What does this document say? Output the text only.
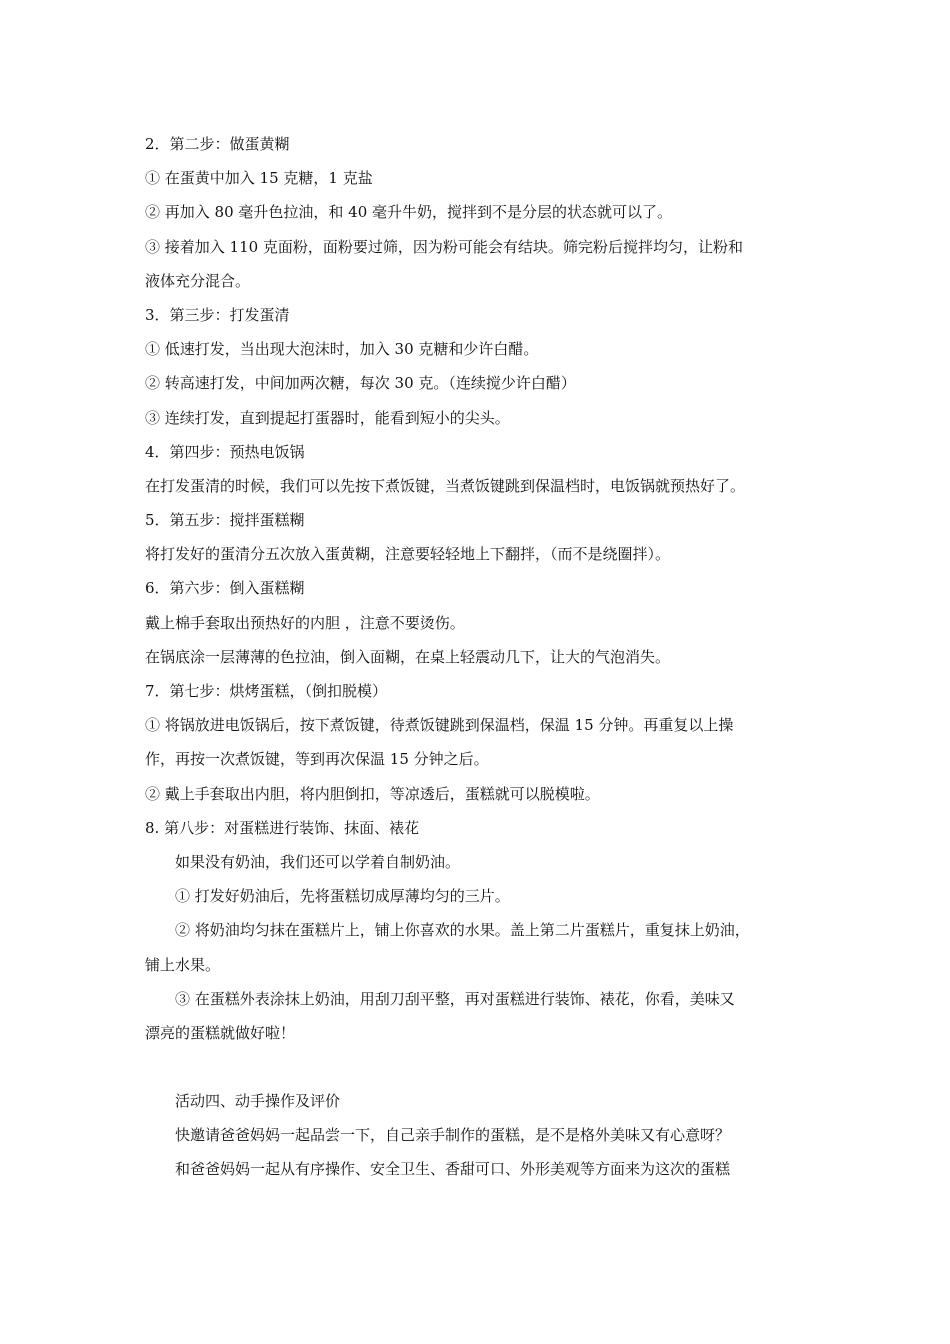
2．第二步：做蛋黄糊
① 在蛋黄中加入 15 克糖，1 克盐
② 再加入 80 毫升色拉油，和 40 毫升牛奶，搅拌到不是分层的状态就可以了。
③ 接着加入 110 克面粉，面粉要过筛，因为粉可能会有结块。筛完粉后搅拌均匀，让粉和
液体充分混合。
3．第三步：打发蛋清
① 低速打发，当出现大泡沫时，加入 30 克糖和少许白醋。
② 转高速打发，中间加两次糖，每次 30 克。（连续搅少许白醋）
③ 连续打发，直到提起打蛋器时，能看到短小的尖头。
4．第四步：预热电饭锅
在打发蛋清的时候，我们可以先按下煮饭键，当煮饭键跳到保温档时，电饭锅就预热好了。
5．第五步：搅拌蛋糕糊
将打发好的蛋清分五次放入蛋黄糊，注意要轻轻地上下翻拌，（而不是绕圈拌）。
6．第六步：倒入蛋糕糊
戴上棉手套取出预热好的内胆 ，注意不要烫伤。
在锅底涂一层薄薄的色拉油，倒入面糊，在桌上轻震动几下，让大的气泡消失。
7．第七步：烘烤蛋糕，（倒扣脱模）
① 将锅放进电饭锅后，按下煮饭键，待煮饭键跳到保温档，保温 15 分钟。再重复以上操
作，再按一次煮饭键，等到再次保温 15 分钟之后。
② 戴上手套取出内胆，将内胆倒扣，等凉透后，蛋糕就可以脱模啦。
8. 第八步：对蛋糕进行装饰、抹面、裱花
如果没有奶油，我们还可以学着自制奶油。
① 打发好奶油后，先将蛋糕切成厚薄均匀的三片。
② 将奶油均匀抹在蛋糕片上，铺上你喜欢的水果。盖上第二片蛋糕片，重复抹上奶油，
铺上水果。
③ 在蛋糕外表涂抹上奶油，用刮刀刮平整，再对蛋糕进行装饰、裱花，你看，美味又
漂亮的蛋糕就做好啦！
活动四、动手操作及评价
快邀请爸爸妈妈一起品尝一下，自己亲手制作的蛋糕，是不是格外美味又有心意呀？
和爸爸妈妈一起从有序操作、安全卫生、香甜可口、外形美观等方面来为这次的蛋糕
